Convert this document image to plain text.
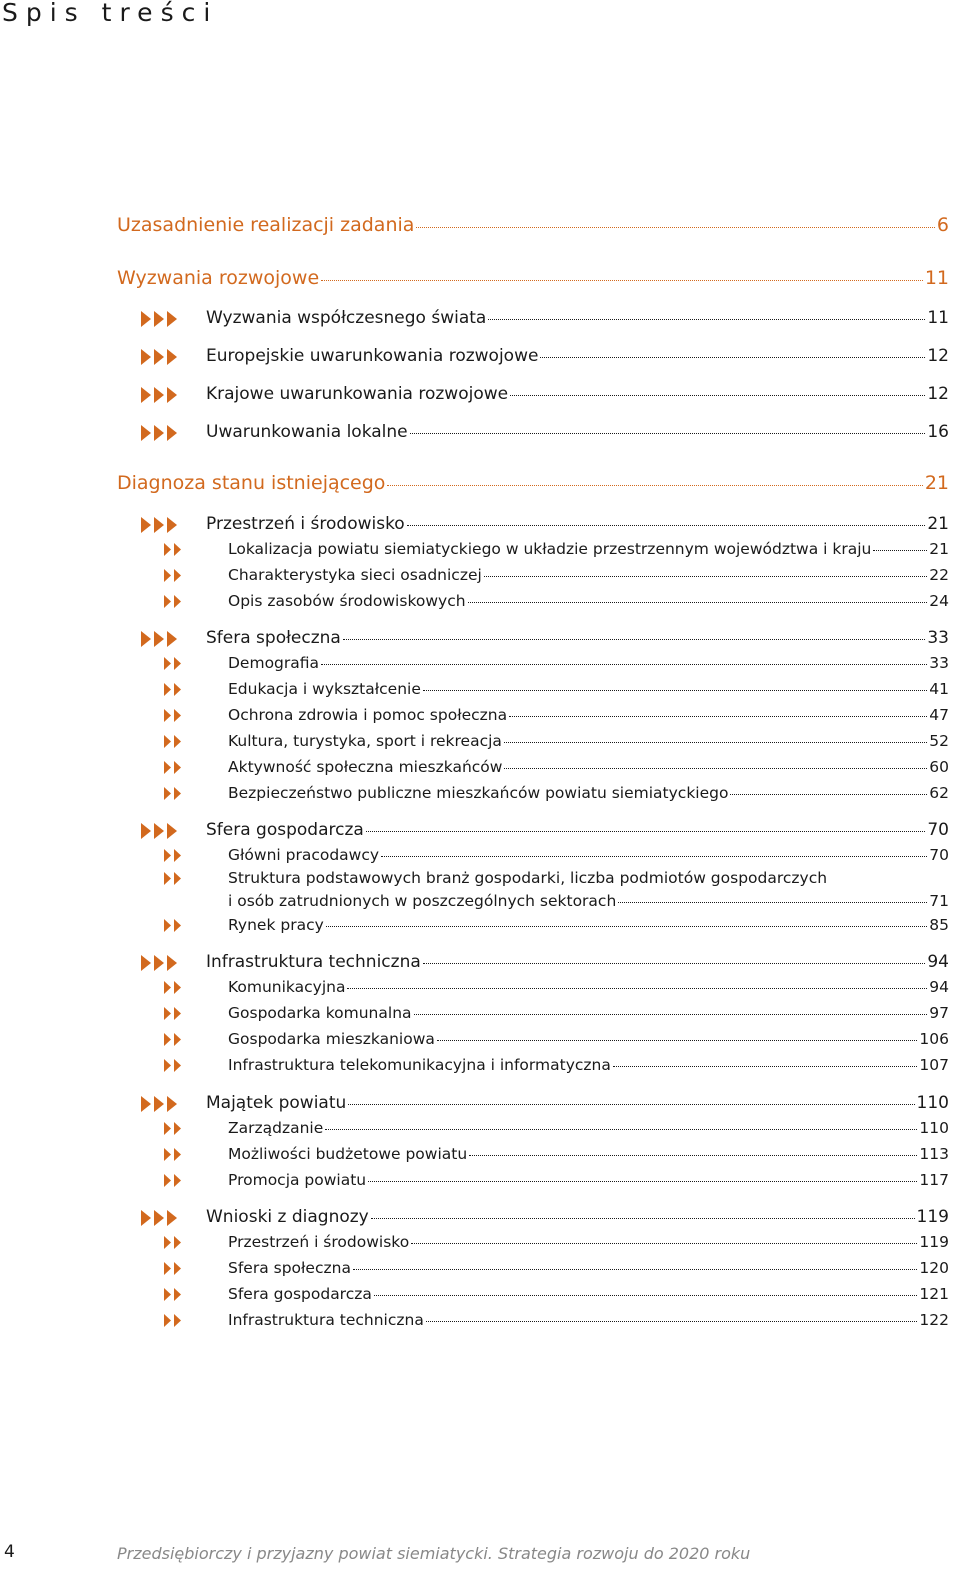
Spis treści
Uzasadnienie realizacji zadania	6
Wyzwania rozwojowe	11
Wyzwania współczesnego świata	11
Europejskie uwarunkowania rozwojowe	12
Krajowe uwarunkowania rozwojowe	12
Uwarunkowania lokalne	16
Diagnoza stanu istniejącego	21
Przestrzeń i środowisko	21
Lokalizacja powiatu siemiatyckiego w układzie przestrzennym województwa i kraju	21
Charakterystyka sieci osadniczej	22
Opis zasobów środowiskowych	24
Sfera społeczna	33
Demografia	33
Edukacja i wykształcenie	41
Ochrona zdrowia i pomoc społeczna	47
Kultura, turystyka, sport i rekreacja	52
Aktywność społeczna mieszkańców	60
Bezpieczeństwo publiczne mieszkańców powiatu siemiatyckiego	62
Sfera gospodarcza	70
Główni pracodawcy	70
Struktura podstawowych branż gospodarki, liczba podmiotów gospodarczych
i osób zatrudnionych w poszczególnych sektorach	71
Rynek pracy	85
Infrastruktura techniczna	94
Komunikacyjna	94
Gospodarka komunalna	97
Gospodarka mieszkaniowa	106
Infrastruktura telekomunikacyjna i informatyczna	107
Majątek powiatu	110
Zarządzanie	110
Możliwości budżetowe powiatu	113
Promocja powiatu	117
Wnioski z diagnozy	119
Przestrzeń i środowisko	119
Sfera społeczna	120
Sfera gospodarcza	121
Infrastruktura techniczna	122
4	Przedsiębiorczy i przyjazny powiat siemiatycki. Strategia rozwoju do 2020 roku
